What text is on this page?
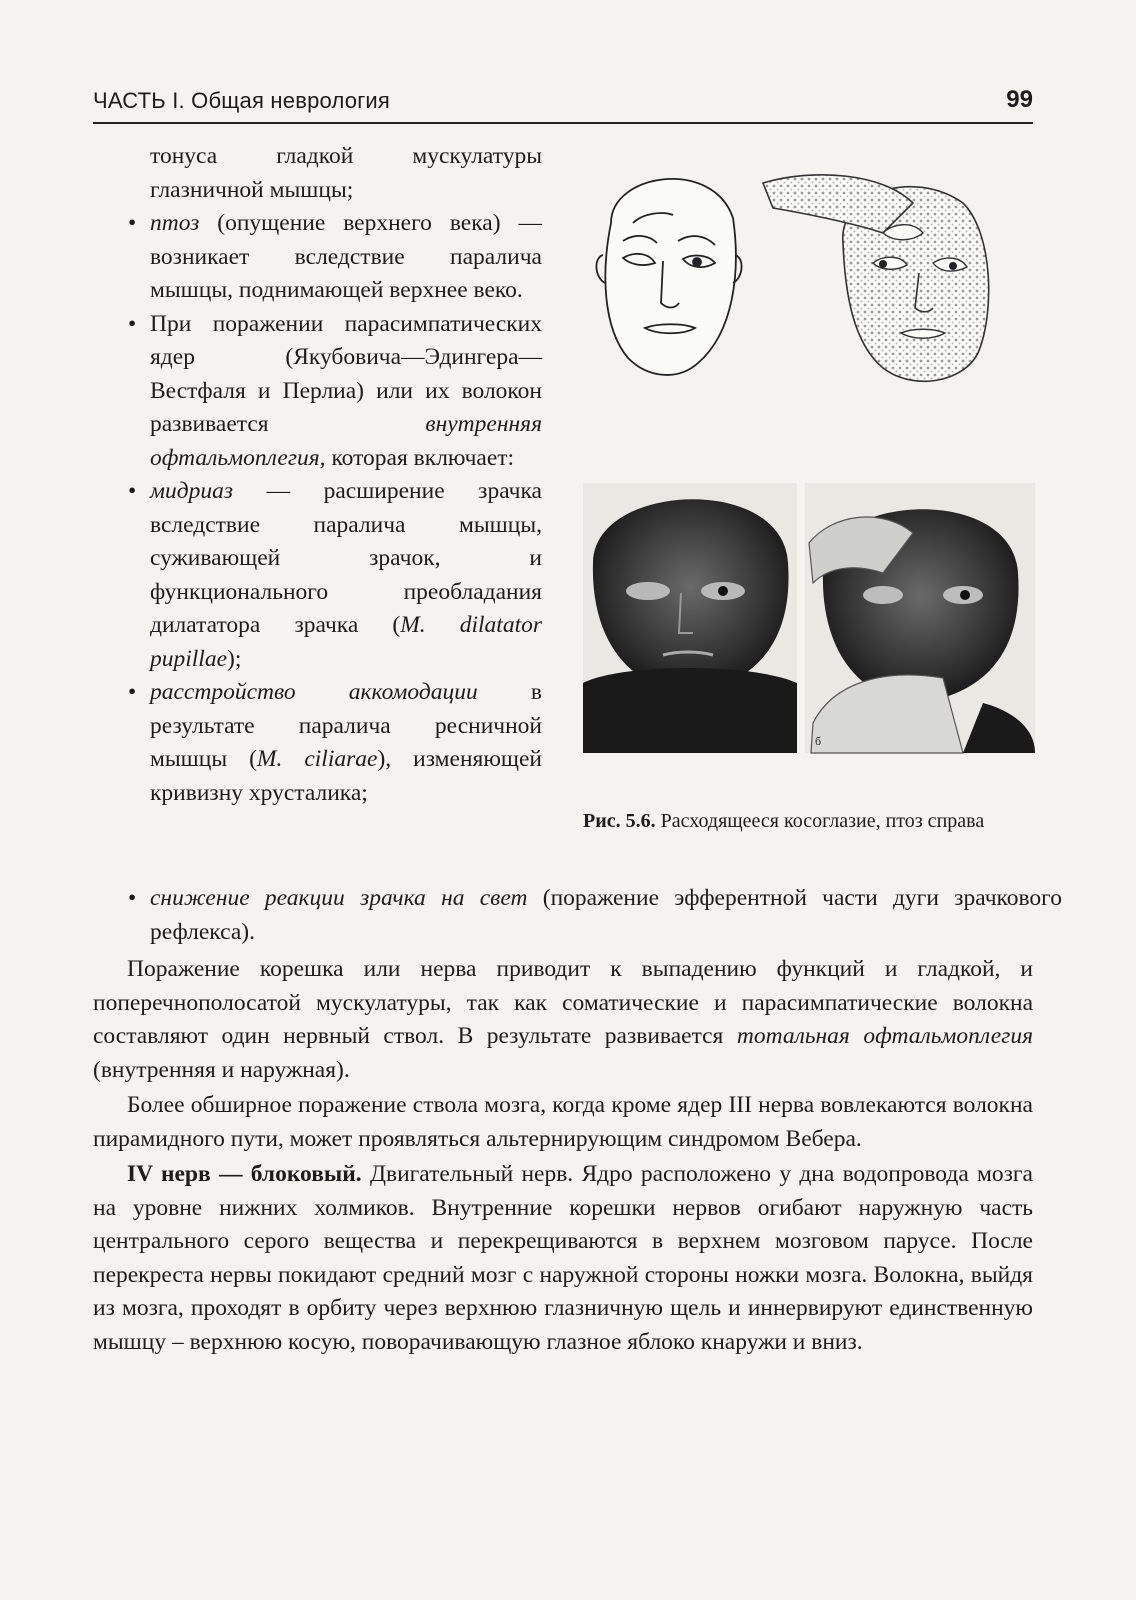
ЧАСТЬ I. Общая неврология	99

тонуса гладкой мускулатуры глазничной мышцы;

• птоз (опущение верхнего века) — возникает вследствие паралича мышцы, поднимающей верхнее веко.

• При поражении парасимпатических ядер (Якубовича—Эдингера—Вестфаля и Перлиа) или их волокон развивается внутренняя офтальмоплегия, которая включает:

• мидриаз — расширение зрачка вследствие паралича мышцы, суживающей зрачок, и функционального преобладания дилататора зрачка (M. dilatator pupillae);

• расстройство аккомодации в результате паралича ресничной мышцы (M. ciliarae), изменяющей кривизну хрусталика;

• снижение реакции зрачка на свет (поражение эфферентной части дуги зрачкового рефлекса).

Поражение корешка или нерва приводит к выпадению функций и гладкой, и поперечнополосатой мускулатуры, так как соматические и парасимпатические волокна составляют один нервный ствол. В результате развивается тотальная офтальмоплегия (внутренняя и наружная).

Более обширное поражение ствола мозга, когда кроме ядер III нерва вовлекаются волокна пирамидного пути, может проявляться альтернирующим синдромом Вебера.

IV нерв — блоковый. Двигательный нерв. Ядро расположено у дна водопровода мозга на уровне нижних холмиков. Внутренние корешки нервов огибают наружную часть центрального серого вещества и перекрещиваются в верхнем мозговом парусе. После перекреста нервы покидают средний мозг с наружной стороны ножки мозга. Волокна, выйдя из мозга, проходят в орбиту через верхнюю глазничную щель и иннервируют единственную мышцу – верхнюю косую, поворачивающую глазное яблоко кнаружи и вниз.

б
Рис. 5.6. Расходящееся косоглазие, птоз справа
